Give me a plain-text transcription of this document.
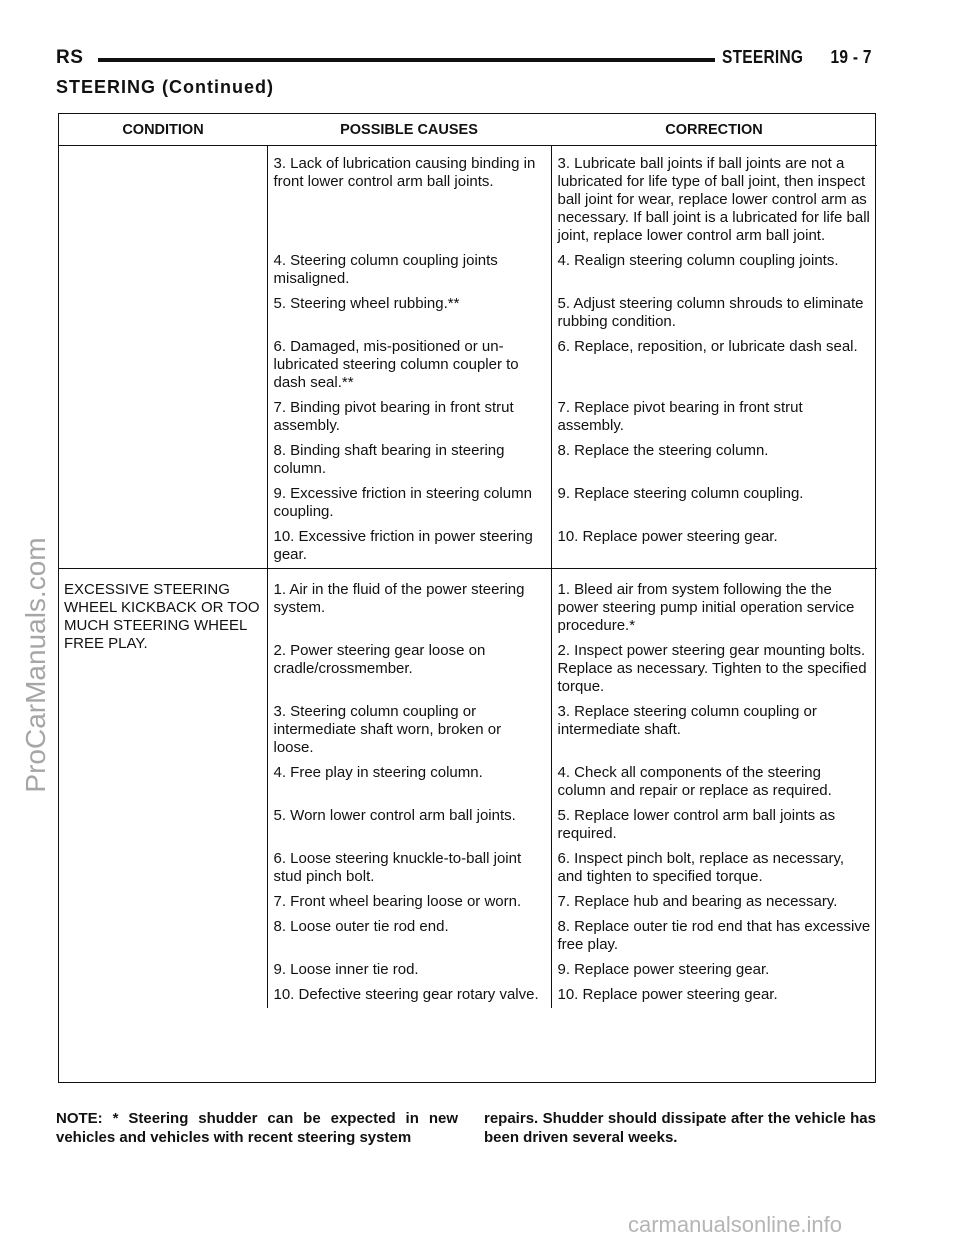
RS	STEERING      19 - 7
STEERING (Continued)
CONDITION	POSSIBLE CAUSES	CORRECTION
	3. Lack of lubrication causing binding in front lower control arm ball joints.	3. Lubricate ball joints if ball joints are not a lubricated for life type of ball joint, then inspect ball joint for wear, replace lower control arm as necessary. If ball joint is a lubricated for life ball joint, replace lower control arm ball joint.
	4. Steering column coupling joints misaligned.	4. Realign steering column coupling joints.
	5. Steering wheel rubbing.**	5. Adjust steering column shrouds to eliminate rubbing condition.
	6. Damaged, mis-positioned or un-lubricated steering column coupler to dash seal.**	6. Replace, reposition, or lubricate dash seal.
	7. Binding pivot bearing in front strut assembly.	7. Replace pivot bearing in front strut assembly.
	8. Binding shaft bearing in steering column.	8. Replace the steering column.
	9. Excessive friction in steering column coupling.	9. Replace steering column coupling.
	10. Excessive friction in power steering gear.	10. Replace power steering gear.
EXCESSIVE STEERING WHEEL KICKBACK OR TOO MUCH STEERING WHEEL FREE PLAY.	1. Air in the fluid of the power steering system.	1. Bleed air from system following the the power steering pump initial operation service procedure.*
	2. Power steering gear loose on cradle/crossmember.	2. Inspect power steering gear mounting bolts. Replace as necessary. Tighten to the specified torque.
	3. Steering column coupling or intermediate shaft worn, broken or loose.	3. Replace steering column coupling or intermediate shaft.
	4. Free play in steering column.	4. Check all components of the steering column and repair or replace as required.
	5. Worn lower control arm ball joints.	5. Replace lower control arm ball joints as required.
	6. Loose steering knuckle-to-ball joint stud pinch bolt.	6. Inspect pinch bolt, replace as necessary, and tighten to specified torque.
	7. Front wheel bearing loose or worn.	7. Replace hub and bearing as necessary.
	8. Loose outer tie rod end.	8. Replace outer tie rod end that has excessive free play.
	9. Loose inner tie rod.	9. Replace power steering gear.
	10. Defective steering gear rotary valve.	10. Replace power steering gear.
NOTE: * Steering shudder can be expected in new vehicles and vehicles with recent steering system
repairs. Shudder should dissipate after the vehicle has been driven several weeks.
ProCarManuals.com
carmanualsonline.info
